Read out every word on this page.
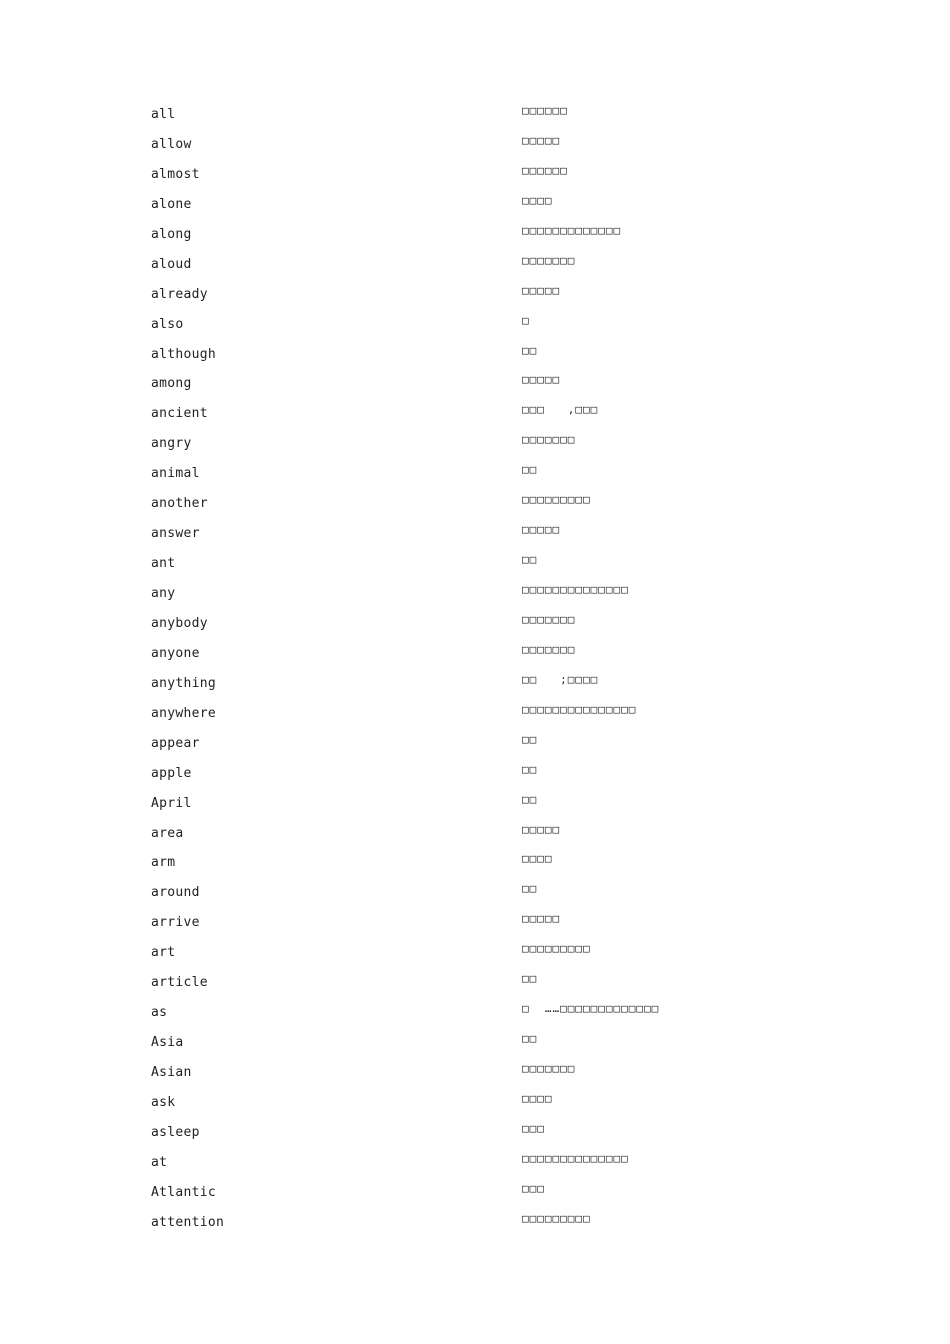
all	□□□□□□
allow	□□□□□
almost	□□□□□□
alone	□□□□
along	□□□□□□□□□□□□□
aloud	□□□□□□□
already	□□□□□
also	□
although	□□
among	□□□□□
ancient	□□□   ,□□□
angry	□□□□□□□
animal	□□
another	□□□□□□□□□
answer	□□□□□
ant	□□
any	□□□□□□□□□□□□□□
anybody	□□□□□□□
anyone	□□□□□□□
anything	□□   ;□□□□
anywhere	□□□□□□□□□□□□□□□
appear	□□
apple	□□
April	□□
area	□□□□□
arm	□□□□
around	□□
arrive	□□□□□
art	□□□□□□□□□
article	□□
as	□  ……□□□□□□□□□□□□□
Asia	□□
Asian	□□□□□□□
ask	□□□□
asleep	□□□
at	□□□□□□□□□□□□□□
Atlantic	□□□
attention	□□□□□□□□□
